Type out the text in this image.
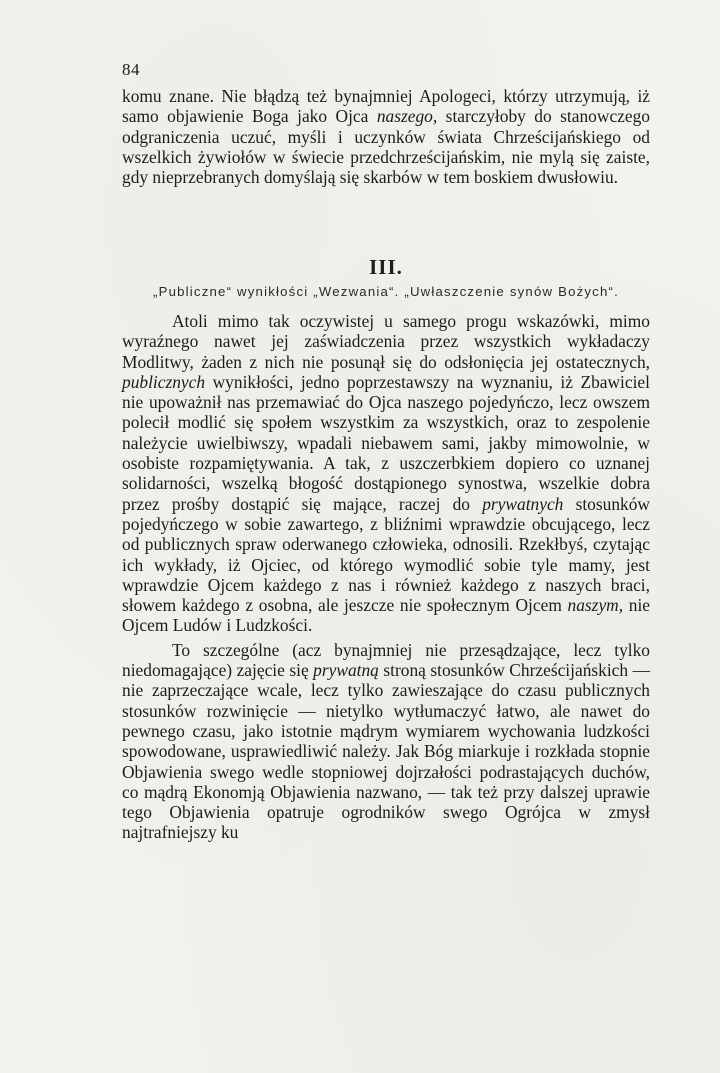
84

komu znane. Nie błądzą też bynajmniej Apologeci, którzy utrzymują, iż samo objawienie Boga jako Ojca naszego, starczyłoby do stanowczego odgraniczenia uczuć, myśli i uczynków świata Chrześcijańskiego od wszelkich żywiołów w świecie przedchrześcijańskim, nie mylą się zaiste, gdy nieprzebranych domyślają się skarbów w tem boskiem dwusłowiu.

III.
„Publiczne“ wynikłości „Wezwania“. „Uwłaszczenie synów Bożych“.

Atoli mimo tak oczywistej u samego progu wskazówki, mimo wyraźnego nawet jej zaświadczenia przez wszystkich wykładaczy Modlitwy, żaden z nich nie posunął się do odsłonięcia jej ostatecznych, publicznych wynikłości, jedno poprzestawszy na wyznaniu, iż Zbawiciel nie upoważnił nas przemawiać do Ojca naszego pojedyńczo, lecz owszem polecił modlić się społem wszystkim za wszystkich, oraz to zespolenie należycie uwielbiwszy, wpadali niebawem sami, jakby mimowolnie, w osobiste rozpamiętywania. A tak, z uszczerbkiem dopiero co uznanej solidarności, wszelką błogość dostąpionego synostwa, wszelkie dobra przez prośby dostąpić się mające, raczej do prywatnych stosunków pojedyńczego w sobie zawartego, z bliźnimi wprawdzie obcującego, lecz od publicznych spraw oderwanego człowieka, odnosili. Rzekłbyś, czytając ich wykłady, iż Ojciec, od którego wymodlić sobie tyle mamy, jest wprawdzie Ojcem każdego z nas i również każdego z naszych braci, słowem każdego z osobna, ale jeszcze nie społecznym Ojcem naszym, nie Ojcem Ludów i Ludzkości.

To szczególne (acz bynajmniej nie przesądzające, lecz tylko niedomagające) zajęcie się prywatną stroną stosunków Chrześcijańskich — nie zaprzeczające wcale, lecz tylko zawieszające do czasu publicznych stosunków rozwinięcie — nietylko wytłumaczyć łatwo, ale nawet do pewnego czasu, jako istotnie mądrym wymiarem wychowania ludzkości spowodowane, usprawiedliwić należy. Jak Bóg miarkuje i rozkłada stopnie Objawienia swego wedle stopniowej dojrzałości podrastających duchów, co mądrą Ekonomją Objawienia nazwano, — tak też przy dalszej uprawie tego Objawienia opatruje ogrodników swego Ogrójca w zmysł najtrafniejszy ku
